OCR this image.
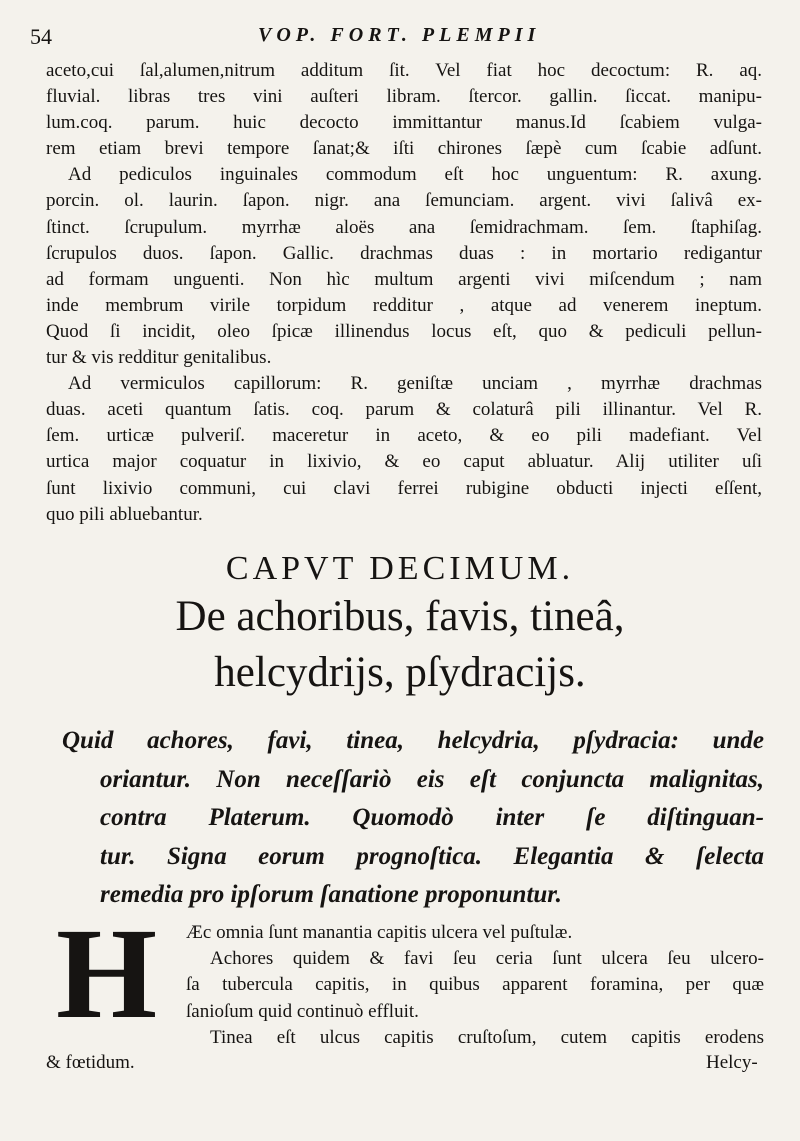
54	VOP. FORT. PLEMPII
aceto,cui ſal,alumen,nitrum additum ſit. Vel fiat hoc decoctum: R. aq.
fluvial. libras tres vini auſteri libram. ſtercor. gallin. ſiccat. manipu-
lum.coq. parum. huic decocto immittantur manus.Id ſcabiem vulga-
rem etiam brevi tempore ſanat;& iſti chirones ſæpè cum ſcabie adſunt.
Ad pediculos inguinales commodum eſt hoc unguentum: R. axung.
porcin. ol. laurin. ſapon. nigr. ana ſemunciam. argent. vivi ſalivâ ex-
ſtinct. ſcrupulum. myrrhæ aloës ana ſemidrachmam. ſem. ſtaphiſag.
ſcrupulos duos. ſapon. Gallic. drachmas duas : in mortario redigantur
ad formam unguenti. Non hìc multum argenti vivi miſcendum ; nam
inde membrum virile torpidum redditur , atque ad venerem ineptum.
Quod ſi incidit, oleo ſpicæ illinendus locus eſt, quo & pediculi pellun-
tur & vis redditur genitalibus.
Ad vermiculos capillorum: R. geniſtæ unciam , myrrhæ drachmas
duas. aceti quantum ſatis. coq. parum & colaturâ pili illinantur. Vel R.
ſem. urticæ pulveriſ. maceretur in aceto, & eo pili madefiant. Vel
urtica major coquatur in lixivio, & eo caput abluatur. Alij utiliter uſi
ſunt lixivio communi, cui clavi ferrei rubigine obducti injecti eſſent,
quo pili abluebantur.
CAPVT DECIMUM.
De achoribus, favis, tineâ,
helcydrijs, pſydracijs.
Quid achores, favi, tinea, helcydria, pſydracia: unde
oriantur. Non neceſſariò eis eſt conjuncta malignitas,
contra Platerum. Quomodò inter ſe diſtinguan-
tur. Signa eorum prognoſtica. Elegantia & ſelecta
remedia pro ipſorum ſanatione proponuntur.
H	Æc omnia ſunt manantia capitis ulcera vel puſtulæ.
Achores quidem & favi ſeu ceria ſunt ulcera ſeu ulcero-
ſa tubercula capitis, in quibus apparent foramina, per quæ
ſanioſum quid continuò effluit.
Tinea eſt ulcus capitis cruſtoſum, cutem capitis erodens
& fœtidum.	Helcy-
